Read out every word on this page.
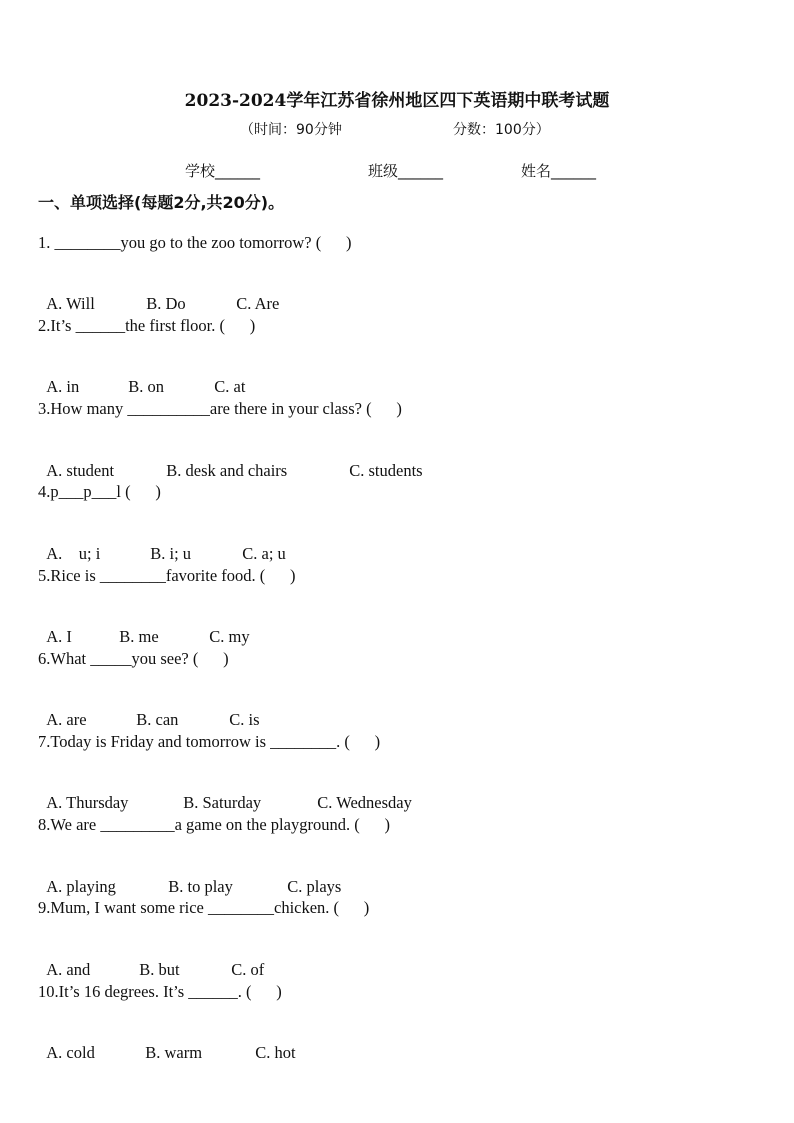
2023-2024学年江苏省徐州地区四下英语期中联考试题
（时间：90分钟	分数：100分）
学校______	班级______	姓名______
一、单项选择(每题2分,共20分)。
1. ________you go to the zoo tomorrow? (      )

A. Will	B. Do	C. Are

2.It’s ______the first floor. (      )

A. in	B. on	C. at

3.How many __________are there in your class? (      )

A. student	B. desk and chairs	C. students

4.p___p___l (      )

A.    u; i	B. i; u	C. a; u

5.Rice is ________favorite food. (      )

A. I	B. me	C. my

6.What _____you see? (      )

A. are	B. can	C. is

7.Today is Friday and tomorrow is ________. (      )

A. Thursday	B. Saturday	C. Wednesday

8.We are _________a game on the playground. (      )

A. playing	B. to play	C. plays

9.Mum, I want some rice ________chicken. (      )

A. and	B. but	C. of

10.It’s 16 degrees. It’s ______. (      )

A. cold	B. warm	C. hot
